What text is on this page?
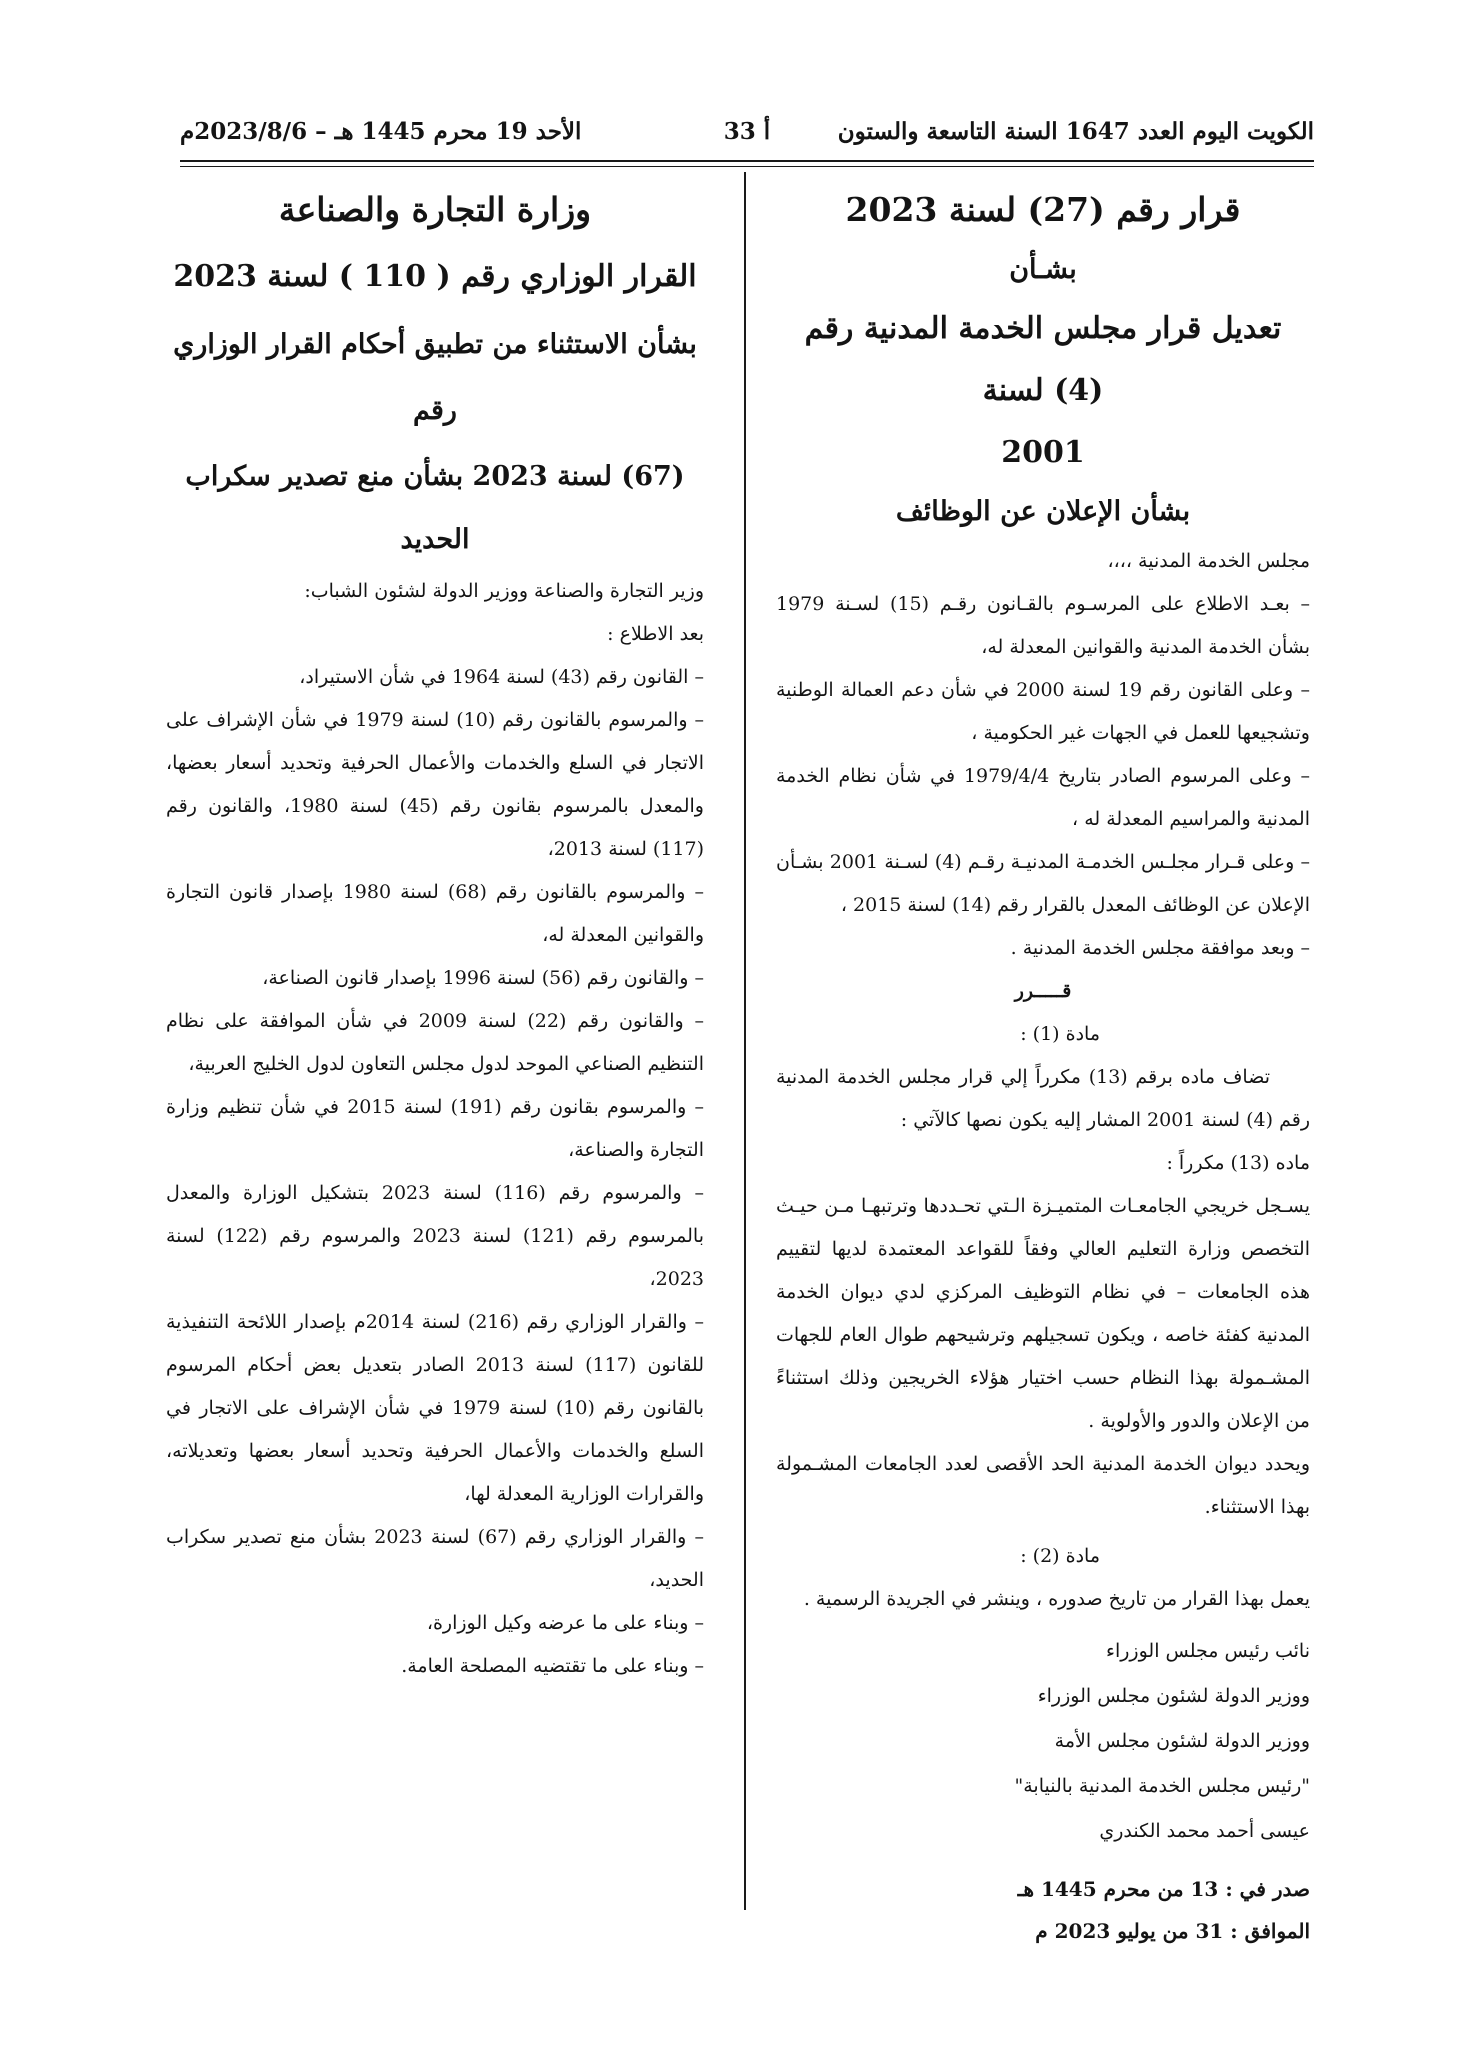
الكويت اليوم العدد 1647 السنة التاسعة والستون
أ 33
الأحد 19 محرم 1445 هـ – 2023/8/6م
قرار رقم (27) لسنة 2023
بشـأن
تعديل قرار مجلس الخدمة المدنية رقم (4) لسنة
2001
بشأن الإعلان عن الوظائف

مجلس الخدمة المدنية ،،،،

– بعـد الاطلاع على المرسـوم بالقـانون رقـم (15) لسـنة 1979 بشأن الخدمة المدنية والقوانين المعدلة له،

– وعلى القانون رقم 19 لسنة 2000 في شأن دعم العمالة الوطنية وتشجيعها للعمل في الجهات غير الحكومية ،

– وعلى المرسوم الصادر بتاريخ 1979/4/4 في شأن نظام الخدمة المدنية والمراسيم المعدلة له ،

– وعلى قـرار مجلـس الخدمـة المدنيـة رقـم (4) لسـنة 2001 بشـأن الإعلان عن الوظائف المعدل بالقرار رقم (14) لسنة 2015 ،

– وبعد موافقة مجلس الخدمة المدنية .

قـــــرر

مادة (1) :

تضاف ماده برقم (13) مكرراً إلي قرار مجلس الخدمة المدنية رقم (4) لسنة 2001 المشار إليه يكون نصها كالآتي :

ماده (13) مكرراً :

يسـجل خريجي الجامعـات المتميـزة الـتي تحـددها وترتبهـا مـن حيـث التخصص وزارة التعليم العالي وفقاً للقواعد المعتمدة لديها لتقييم هذه الجامعات – في نظام التوظيف المركزي لدي ديوان الخدمة المدنية كفئة خاصه ، ويكون تسجيلهم وترشيحهم طوال العام للجهات المشـمولة بهذا النظام حسب اختيار هؤلاء الخريجين وذلك استثناءً من الإعلان والدور والأولوية .

ويحدد ديوان الخدمة المدنية الحد الأقصى لعدد الجامعات المشـمولة بهذا الاستثناء.

مادة (2) :

يعمل بهذا القرار من تاريخ صدوره ، وينشر في الجريدة الرسمية .

نائب رئيس مجلس الوزراء
ووزير الدولة لشئون مجلس الوزراء
ووزير الدولة لشئون مجلس الأمة
"رئيس مجلس الخدمة المدنية بالنيابة"
عيسى أحمد محمد الكندري
صدر في : 13 من محرم 1445 هـ
الموافق : 31 من يوليو 2023 م
وزارة التجارة والصناعة
القرار الوزاري رقم ( 110 ) لسنة 2023
بشأن الاستثناء من تطبيق أحكام القرار الوزاري رقم
(67) لسنة 2023 بشأن منع تصدير سكراب
الحديد

وزير التجارة والصناعة ووزير الدولة لشئون الشباب:

بعد الاطلاع :

– القانون رقم (43) لسنة 1964 في شأن الاستيراد،

– والمرسوم بالقانون رقم (10) لسنة 1979 في شأن الإشراف على الاتجار في السلع والخدمات والأعمال الحرفية وتحديد أسعار بعضها، والمعدل بالمرسوم بقانون رقم (45) لسنة 1980، والقانون رقم (117) لسنة 2013،

– والمرسوم بالقانون رقم (68) لسنة 1980 بإصدار قانون التجارة والقوانين المعدلة له،

– والقانون رقم (56) لسنة 1996 بإصدار قانون الصناعة،

– والقانون رقم (22) لسنة 2009 في شأن الموافقة على نظام التنظيم الصناعي الموحد لدول مجلس التعاون لدول الخليج العربية،

– والمرسوم بقانون رقم (191) لسنة 2015 في شأن تنظيم وزارة التجارة والصناعة،

– والمرسوم رقم (116) لسنة 2023 بتشكيل الوزارة والمعدل بالمرسوم رقم (121) لسنة 2023 والمرسوم رقم (122) لسنة 2023،

– والقرار الوزاري رقم (216) لسنة 2014م بإصدار اللائحة التنفيذية للقانون (117) لسنة 2013 الصادر بتعديل بعض أحكام المرسوم بالقانون رقم (10) لسنة 1979 في شأن الإشراف على الاتجار في السلع والخدمات والأعمال الحرفية وتحديد أسعار بعضها وتعديلاته، والقرارات الوزارية المعدلة لها،

– والقرار الوزاري رقم (67) لسنة 2023 بشأن منع تصدير سكراب الحديد،

– وبناء على ما عرضه وكيل الوزارة،

– وبناء على ما تقتضيه المصلحة العامة.
